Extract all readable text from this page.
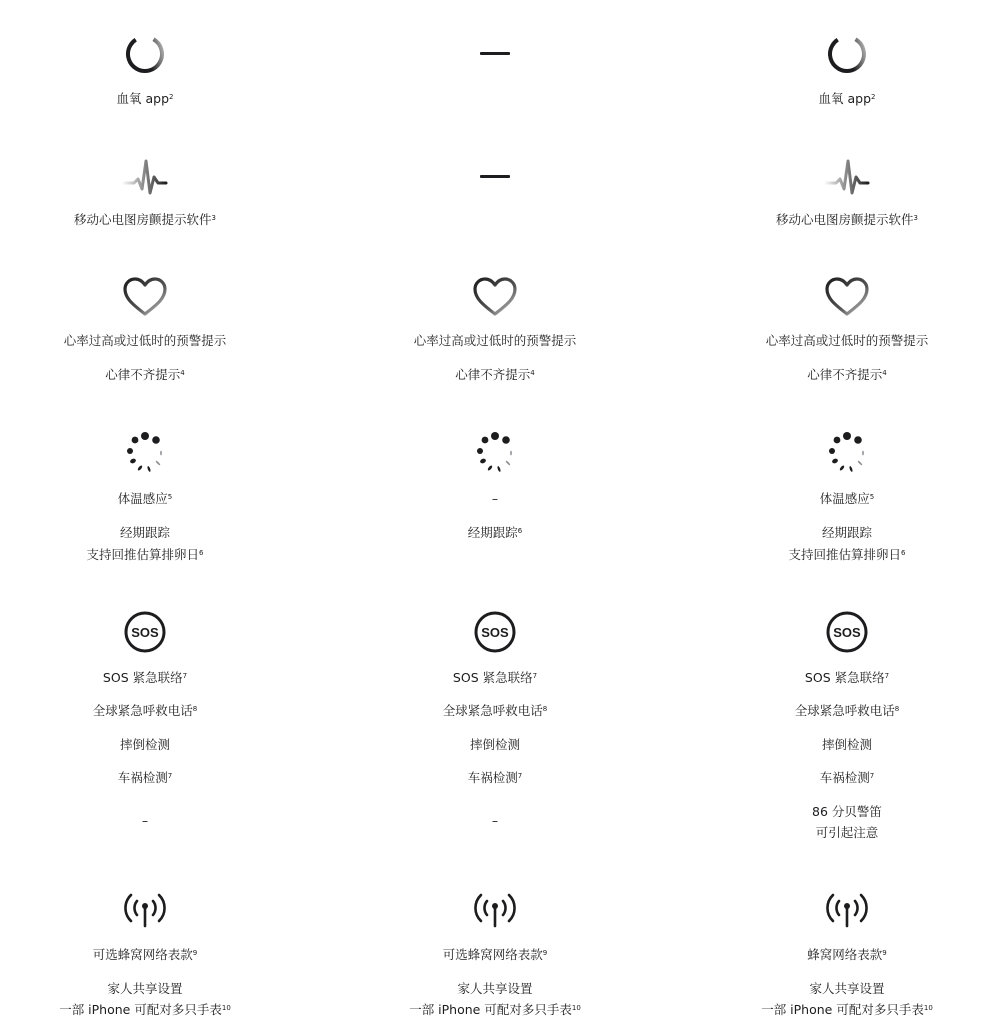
血氧 app$^2$
移动心电图房颤提示软件$^3$
心率过高或过低时的预警提示
心律不齐提示$^4$
体温感应$^5$
经期跟踪
支持回推估算排卵日$^6$
SOS
SOS 紧急联络$^7$
全球紧急呼救电话$^8$
摔倒检测
车祸检测$^7$
–
可选蜂窝网络表款$^9$
家人共享设置
一部 iPhone 可配对多只手表$^{10}$
心率过高或过低时的预警提示
心律不齐提示$^4$
–
经期跟踪$^6$
SOS
SOS 紧急联络$^7$
全球紧急呼救电话$^8$
摔倒检测
车祸检测$^7$
–
可选蜂窝网络表款$^9$
家人共享设置
一部 iPhone 可配对多只手表$^{10}$
血氧 app$^2$
移动心电图房颤提示软件$^3$
心率过高或过低时的预警提示
心律不齐提示$^4$
体温感应$^5$
经期跟踪
支持回推估算排卵日$^6$
SOS
SOS 紧急联络$^7$
全球紧急呼救电话$^8$
摔倒检测
车祸检测$^7$
86 分贝警笛
可引起注意
蜂窝网络表款$^9$
家人共享设置
一部 iPhone 可配对多只手表$^{10}$
